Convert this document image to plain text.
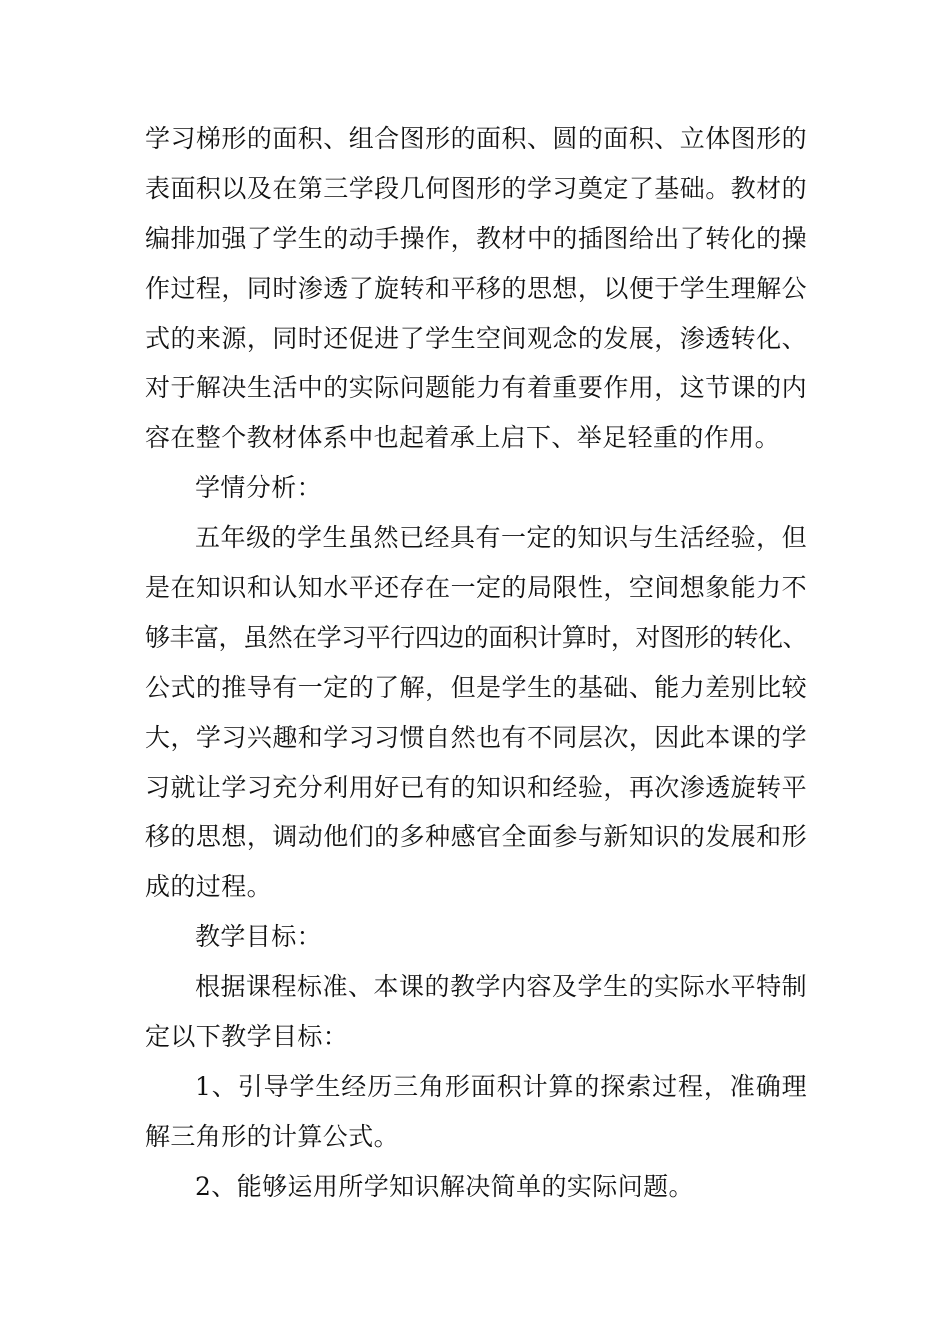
学习梯形的面积、组合图形的面积、圆的面积、立体图形的
表面积以及在第三学段几何图形的学习奠定了基础。教材的
编排加强了学生的动手操作，教材中的插图给出了转化的操
作过程，同时渗透了旋转和平移的思想，以便于学生理解公
式的来源，同时还促进了学生空间观念的发展，渗透转化、
对于解决生活中的实际问题能力有着重要作用，这节课的内
容在整个教材体系中也起着承上启下、举足轻重的作用。
学情分析：
五年级的学生虽然已经具有一定的知识与生活经验，但
是在知识和认知水平还存在一定的局限性，空间想象能力不
够丰富，虽然在学习平行四边的面积计算时，对图形的转化、
公式的推导有一定的了解，但是学生的基础、能力差别比较
大，学习兴趣和学习习惯自然也有不同层次，因此本课的学
习就让学习充分利用好已有的知识和经验，再次渗透旋转平
移的思想，调动他们的多种感官全面参与新知识的发展和形
成的过程。
教学目标：
根据课程标准、本课的教学内容及学生的实际水平特制
定以下教学目标：
1、引导学生经历三角形面积计算的探索过程，准确理
解三角形的计算公式。
2、能够运用所学知识解决简单的实际问题。
